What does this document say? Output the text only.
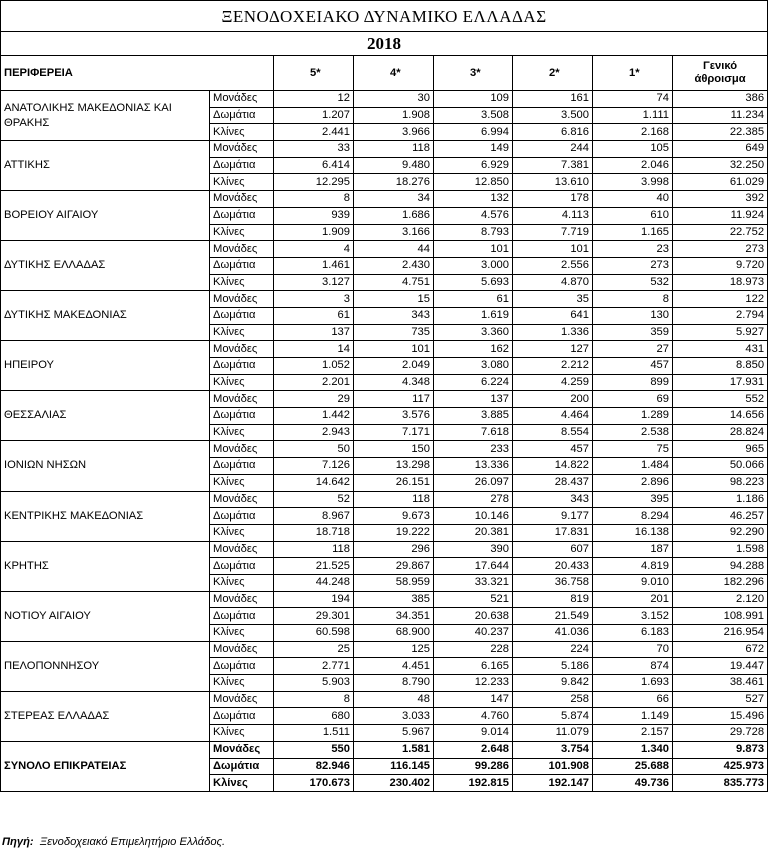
ΞΕΝΟΔΟΧΕΙΑΚΟ ΔΥΝΑΜΙΚΟ ΕΛΛΑΔΑΣ							
2018							
ΠΕΡΙΦΕΡΕΙΑ		5*	4*	3*	2*	1*	Γενικό άθροισμα
ΑΝΑΤΟΛΙΚΗΣ ΜΑΚΕΔΟΝΙΑΣ ΚΑΙ ΘΡΑΚΗΣ	Μονάδες	12	30	109	161	74	386
	Δωμάτια	1.207	1.908	3.508	3.500	1.111	11.234
	Κλίνες	2.441	3.966	6.994	6.816	2.168	22.385
ΑΤΤΙΚΗΣ	Μονάδες	33	118	149	244	105	649
	Δωμάτια	6.414	9.480	6.929	7.381	2.046	32.250
	Κλίνες	12.295	18.276	12.850	13.610	3.998	61.029
ΒΟΡΕΙΟΥ ΑΙΓΑΙΟΥ	Μονάδες	8	34	132	178	40	392
	Δωμάτια	939	1.686	4.576	4.113	610	11.924
	Κλίνες	1.909	3.166	8.793	7.719	1.165	22.752
ΔΥΤΙΚΗΣ ΕΛΛΑΔΑΣ	Μονάδες	4	44	101	101	23	273
	Δωμάτια	1.461	2.430	3.000	2.556	273	9.720
	Κλίνες	3.127	4.751	5.693	4.870	532	18.973
ΔΥΤΙΚΗΣ ΜΑΚΕΔΟΝΙΑΣ	Μονάδες	3	15	61	35	8	122
	Δωμάτια	61	343	1.619	641	130	2.794
	Κλίνες	137	735	3.360	1.336	359	5.927
ΗΠΕΙΡΟΥ	Μονάδες	14	101	162	127	27	431
	Δωμάτια	1.052	2.049	3.080	2.212	457	8.850
	Κλίνες	2.201	4.348	6.224	4.259	899	17.931
ΘΕΣΣΑΛΙΑΣ	Μονάδες	29	117	137	200	69	552
	Δωμάτια	1.442	3.576	3.885	4.464	1.289	14.656
	Κλίνες	2.943	7.171	7.618	8.554	2.538	28.824
ΙΟΝΙΩΝ ΝΗΣΩΝ	Μονάδες	50	150	233	457	75	965
	Δωμάτια	7.126	13.298	13.336	14.822	1.484	50.066
	Κλίνες	14.642	26.151	26.097	28.437	2.896	98.223
ΚΕΝΤΡΙΚΗΣ ΜΑΚΕΔΟΝΙΑΣ	Μονάδες	52	118	278	343	395	1.186
	Δωμάτια	8.967	9.673	10.146	9.177	8.294	46.257
	Κλίνες	18.718	19.222	20.381	17.831	16.138	92.290
ΚΡΗΤΗΣ	Μονάδες	118	296	390	607	187	1.598
	Δωμάτια	21.525	29.867	17.644	20.433	4.819	94.288
	Κλίνες	44.248	58.959	33.321	36.758	9.010	182.296
ΝΟΤΙΟΥ ΑΙΓΑΙΟΥ	Μονάδες	194	385	521	819	201	2.120
	Δωμάτια	29.301	34.351	20.638	21.549	3.152	108.991
	Κλίνες	60.598	68.900	40.237	41.036	6.183	216.954
ΠΕΛΟΠΟΝΝΗΣΟΥ	Μονάδες	25	125	228	224	70	672
	Δωμάτια	2.771	4.451	6.165	5.186	874	19.447
	Κλίνες	5.903	8.790	12.233	9.842	1.693	38.461
ΣΤΕΡΕΑΣ ΕΛΛΑΔΑΣ	Μονάδες	8	48	147	258	66	527
	Δωμάτια	680	3.033	4.760	5.874	1.149	15.496
	Κλίνες	1.511	5.967	9.014	11.079	2.157	29.728
ΣΥΝΟΛΟ ΕΠΙΚΡΑΤΕΙΑΣ	Μονάδες	550	1.581	2.648	3.754	1.340	9.873
	Δωμάτια	82.946	116.145	99.286	101.908	25.688	425.973
	Κλίνες	170.673	230.402	192.815	192.147	49.736	835.773
Πηγή: Ξενοδοχειακό Επιμελητήριο Ελλάδος.
